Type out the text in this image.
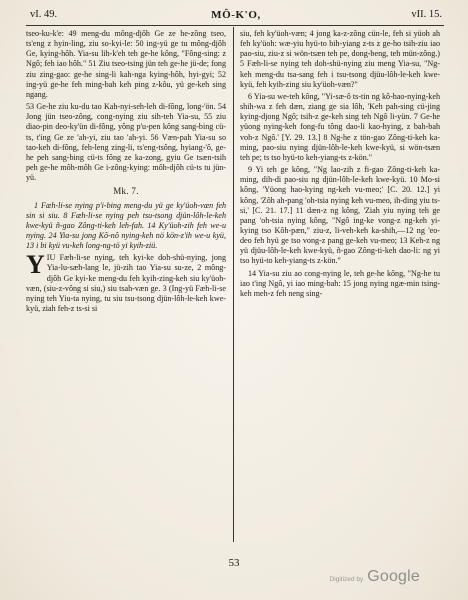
vI. 49.	MÔ-K'O,	vII. 15.

tseo-ku-k'e: 49 meng-du mông-djôh Ge ze he-zông tseo, ts'eng z hyin-ling, ziu so-kyi-le: 50 ing-yü ge tu mông-djôh Ge, kying-hôh. Yia-su lih-k'eh teh ge-he kông, "Fông-sing: z Ngô; feh iao hôh." 51 Ziu tseo-tsing jün teh ge-he jü-de; fong ziu zing-gao: ge-he sing-li kah-nga kying-hôh, hyi-gyi; 52 ing-yü ge-he feh ming-bah keh ping z-kôu, yü ge-keh sing ngang.

53 Ge-he ziu ku-du tao Kah-nyi-seh-leh di-fông, long-'ön. 54 Jong jün tseo-zông, cong-nying ziu sih-teh Yia-su, 55 ziu diao-pin deo-ky'ün di-fông, yông p'u-pen kông sang-bing cü-ts, t'ing Ge ze 'ah-yi, ziu tao 'ah-yi. 56 Væn-pah Yia-su so tao-keh di-fông, feh-leng zing-li, ts'eng-tsông, hyiang-'ô, ge-he peh sang-bing cü-ts fông ze ka-zong, gyiu Ge tsæn-tsih peh ge-he môh-môh Ge i-zông-kying: môh-djôh cü-ts tu jün-yü.

Mk. 7.

1 Fæh-li-se nying p'i-bing meng-du yü ge ky'üoh-væn feh sin si siu. 8 Fæh-li-se nying peh tsu-tsong djün-lôh-le-keh kwe-kyü ñ-gao Zông-ti-keh leh-fah. 14 Ky'üoh-zih feh we-u nying. 24 Yia-su jong Kô-nô nying-keh nö kön-z'ih we-u kyü, 13 i bi kyü vu-keh long-ng-tö yi kyih-ziü.

YIU Fæh-li-se nying, teh kyi-ke doh-shü-nying, jong Yia-lu-sæh-lang le, jü-zih tao Yia-su su-ze, 2 mông-djôh Ge kyi-ke meng-du feh kyih-zing-keh siu ky'üoh-væn, (siu-z-vông si siu,) siu tsah-væn ge. 3 (Ing-yü Fæh-li-se nying teh Yiu-ta nying, tu siu tsu-tsong djün-lôh-le-keh kwe-kyü, ziah feh-z ts-si si

siu, feh ky'üoh-væn; 4 jong ka-z-zông cün-le, feh si yüoh ah feh ky'üoh: wæ-yiu hyü-to bih-yiang z-ts z ge-ho tsih-ziu iao pao-siu, ziu-z si wön-tsæn teh pe, dong-beng, teh mün-zông.) 5 Fæh-li-se nying teh doh-shü-nying ziu meng Yia-su, "Ng-keh meng-du tsa-sang feh i tsu-tsong djüu-lôh-le-keh kwe-kyü, feh kyih-zing siu ky'üoh-væn?"

6 Yia-su we-teh kông, "Yi-sæ-ô ts-tin ng kô-hao-nying-keh shih-wa z feh dæn, ziang ge sia lôh, 'Keh pah-sing cü-jing kying-djong Ngô; tsih-z ge-keh sing teh Ngô li-yün. 7 Ge-he yüong nying-keh fong-fu tông dao-li kao-hying, z bah-bah voh-z Ngô.' [Y. 29. 13.] 8 Ng-he z tön-gao Zông-ti-keh ka-ming, pao-siu nying djün-lôh-le-keh kwe-kyü, si wön-tsæn teh pe; ts tso hyü-to keh-yiang-ts z-kön."

9 Yi teh ge kông, "Ng lao-zih z fi-gao Zông-ti-keh ka-ming, dih-di pao-siu ng djün-lôh-le-keh kwe-kyü. 10 Mo-si kông, 'Yüong hao-kying ng-keh vu-meo;' [C. 20. 12.] yi kông, 'Zôh ah-pang 'oh-tsia nying keh vu-meo, ih-ding yiu ts-si,' [C. 21. 17.] 11 dæn-z ng kông, 'Ziah yiu nying teh ge pang 'oh-tsia nying kông, "Ngô ing-ke vong-z ng-keh yi-kying tso Kôh-pæn," ziu-z, li-veh-keh ka-shih,—12 ng 'eo-deo feh hyü ge tso vong-z pang ge-keh vu-meo; 13 Keh-z ng yü djüu-lôh-le-keh kwe-kyü, ñ-gao Zông-ti-keh dao-li: ng yi tso hyü-to keh-yiang-ts z-kön."

14 Yia-su ziu ao cong-nying le, teh ge-he kông, "Ng-he tu iao t'ing Ngô, yi iao ming-bah: 15 jong nying ngæ-min tsing-keh meh-z feh neng sing-

53
Digitized by Google
